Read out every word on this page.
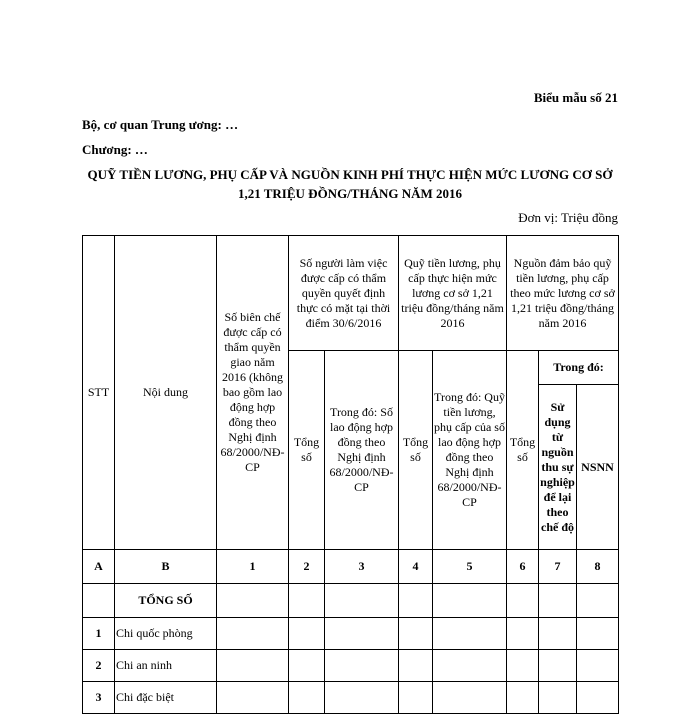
Biểu mẫu số 21
Bộ, cơ quan Trung ương: …
Chương: …
QUỸ TIỀN LƯƠNG, PHỤ CẤP VÀ NGUỒN KINH PHÍ THỰC HIỆN MỨC LƯƠNG CƠ SỞ 1,21 TRIỆU ĐỒNG/THÁNG NĂM 2016
Đơn vị: Triệu đồng
STT	Nội dung	Số biên chế được cấp có thẩm quyền giao năm 2016 (không bao gồm lao động hợp đồng theo Nghị định 68/2000/NĐ-CP	Số người làm việc được cấp có thẩm quyền quyết định thực có mặt tại thời điểm 30/6/2016		Quỹ tiền lương, phụ cấp thực hiện mức lương cơ sở 1,21 triệu đồng/tháng năm 2016		Nguồn đảm bảo quỹ tiền lương, phụ cấp theo mức lương cơ sở 1,21 triệu đồng/tháng năm 2016		
			Tổng số	Trong đó: Số lao động hợp đồng theo Nghị định 68/2000/NĐ-CP	Tổng số	Trong đó: Quỹ tiền lương, phụ cấp của số lao động hợp đồng theo Nghị định 68/2000/NĐ-CP	Tổng số	Trong đó:	
								Sử dụng từ nguồn thu sự nghiệp để lại theo chế độ	NSNN
A	B	1	2	3	4	5	6	7	8
	TỔNG SỐ								
1	Chi quốc phòng								
2	Chi an ninh								
3	Chi đặc biệt								
